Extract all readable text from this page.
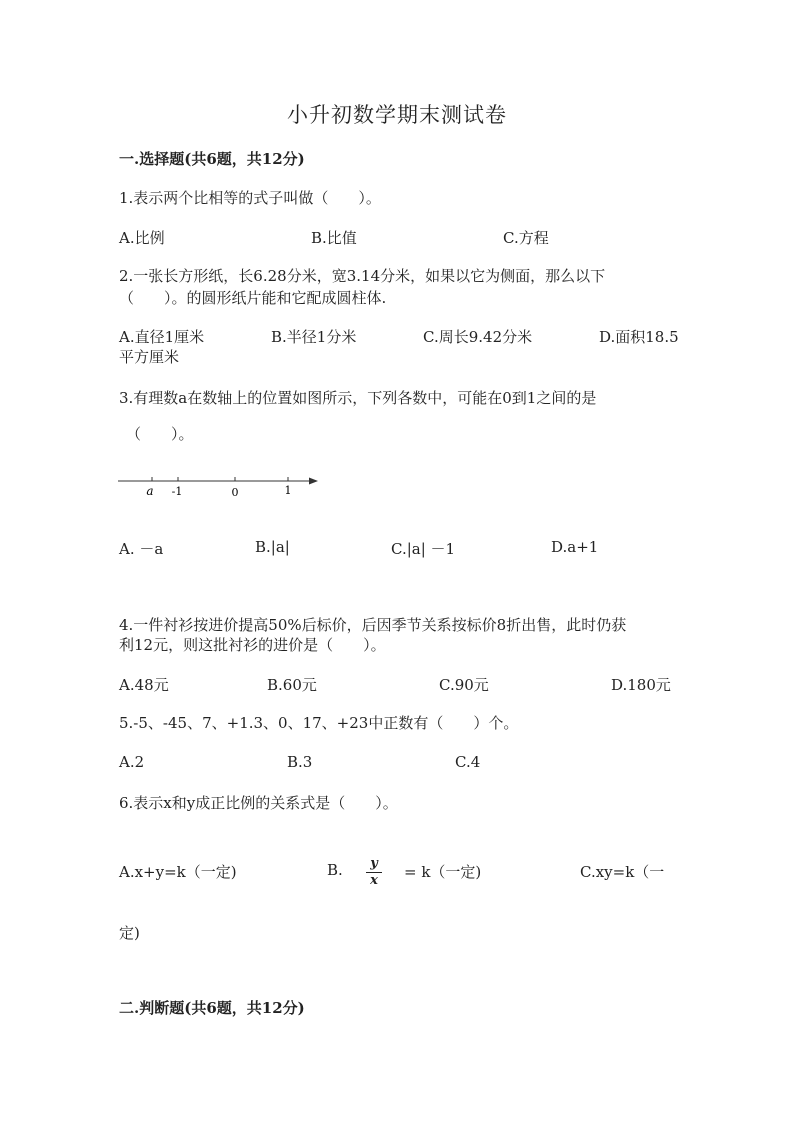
小升初数学期末测试卷
一.选择题(共6题，共12分)
1.表示两个比相等的式子叫做（　　）。
A.比例	B.比值	C.方程
2.一张长方形纸，长6.28分米，宽3.14分米，如果以它为侧面，那么以下
（　　）。的圆形纸片能和它配成圆柱体.
A.直径1厘米	B.半径1分米	C.周长9.42分米	D.面积18.5
平方厘米
3.有理数a在数轴上的位置如图所示，下列各数中，可能在0到1之间的是
（　　）。
a -1	0	1
A. －a	B.|a|	C.|a| －1	D.a+1
4.一件衬衫按进价提高50%后标价，后因季节关系按标价8折出售，此时仍获
利12元，则这批衬衫的进价是（　　）。
A.48元	B.60元	C.90元	D.180元
5.-5、-45、7、+1.3、0、17、+23中正数有（　　）个。
A.2	B.3	C.4
6.表示x和y成正比例的关系式是（　　）。
A.x+y=k（一定)	B.	y
x = k（一定)	C.xy=k（一
定)
二.判断题(共6题，共12分)
